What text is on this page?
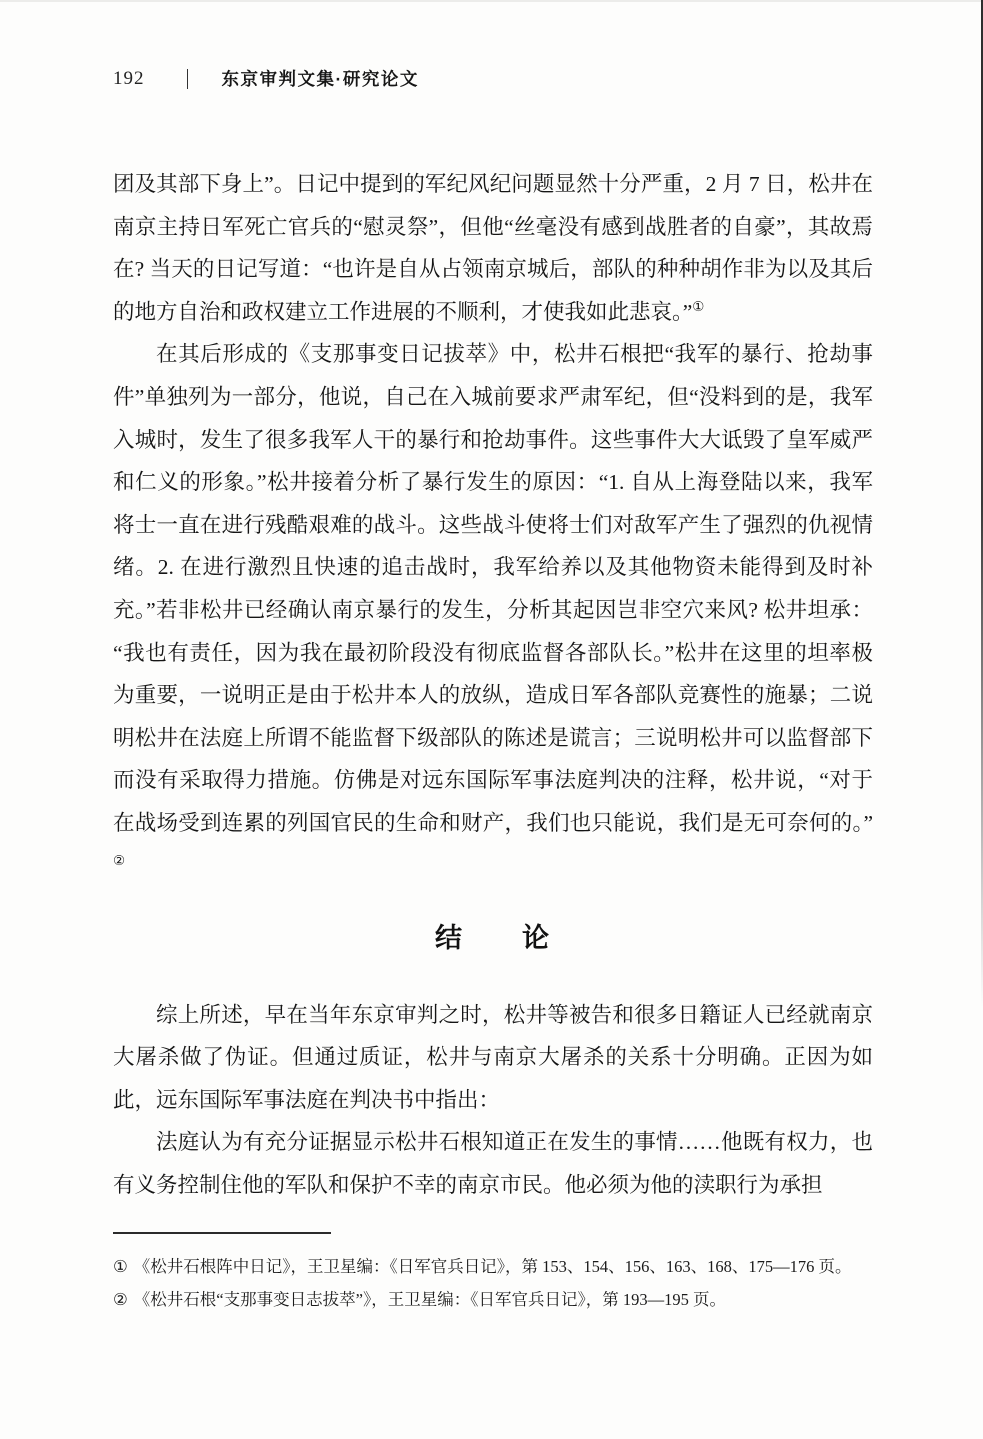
192	东京审判文集·研究论文

团及其部下身上”。日记中提到的军纪风纪问题显然十分严重，2 月 7 日，松井在南京主持日军死亡官兵的“慰灵祭”，但他“丝毫没有感到战胜者的自豪”，其故焉在? 当天的日记写道：“也许是自从占领南京城后，部队的种种胡作非为以及其后的地方自治和政权建立工作进展的不顺利，才使我如此悲哀。”①

在其后形成的《支那事变日记拔萃》中，松井石根把“我军的暴行、抢劫事件”单独列为一部分，他说，自己在入城前要求严肃军纪，但“没料到的是，我军入城时，发生了很多我军人干的暴行和抢劫事件。这些事件大大诋毁了皇军威严和仁义的形象。”松井接着分析了暴行发生的原因：“1. 自从上海登陆以来，我军将士一直在进行残酷艰难的战斗。这些战斗使将士们对敌军产生了强烈的仇视情绪。2. 在进行激烈且快速的追击战时，我军给养以及其他物资未能得到及时补充。”若非松井已经确认南京暴行的发生，分析其起因岂非空穴来风? 松井坦承：“我也有责任，因为我在最初阶段没有彻底监督各部队长。”松井在这里的坦率极为重要，一说明正是由于松井本人的放纵，造成日军各部队竞赛性的施暴；二说明松井在法庭上所谓不能监督下级部队的陈述是谎言；三说明松井可以监督部下而没有采取得力措施。仿佛是对远东国际军事法庭判决的注释，松井说，“对于在战场受到连累的列国官民的生命和财产，我们也只能说，我们是无可奈何的。”②

结　　论

综上所述，早在当年东京审判之时，松井等被告和很多日籍证人已经就南京大屠杀做了伪证。但通过质证，松井与南京大屠杀的关系十分明确。正因为如此，远东国际军事法庭在判决书中指出：

法庭认为有充分证据显示松井石根知道正在发生的事情……他既有权力，也有义务控制住他的军队和保护不幸的南京市民。他必须为他的渎职行为承担

① 《松井石根阵中日记》，王卫星编：《日军官兵日记》，第 153、154、156、163、168、175—176 页。

② 《松井石根“支那事变日志拔萃”》，王卫星编：《日军官兵日记》，第 193—195 页。
